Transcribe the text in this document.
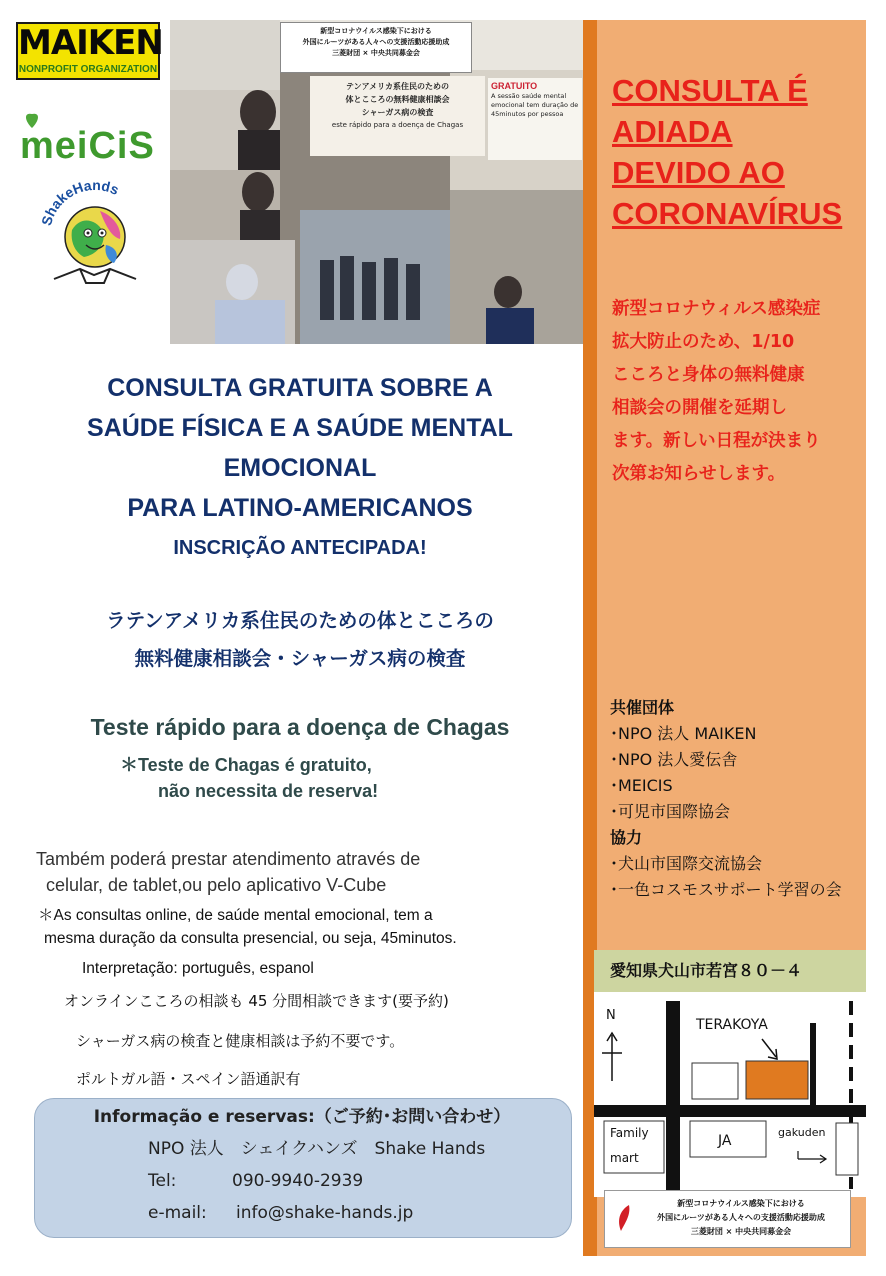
MAIKEN
NONPROFIT ORGANIZATION
meiCiS
ShakeHands
新型コロナウイルス感染下における
外国にルーツがある人々への支援活動応援助成
三菱財団 × 中央共同募金会
テンアメリカ系住民のための
体とこころの無料健康相談会
シャーガス病の検査
este rápido para a doença de Chagas
GRATUITO
A sessão saúde mental emocional tem duração de 45minutos por pessoa
CONSULTA É
ADIADA
DEVIDO AO
CORONAVÍRUS
新型コロナウィルス感染症
拡大防止のため、1/10
こころと身体の無料健康
相談会の開催を延期し
ます。新しい日程が決まり
次第お知らせします。
共催団体
･NPO 法人 MAIKEN
･NPO 法人愛伝舎
･MEICIS
･可児市国際協会
協力
･犬山市国際交流協会
･一色コスモスサポート学習の会
N
TERAKOYA
Family
mart
JA
gakuden
愛知県犬山市若宮８０－４
新型コロナウイルス感染下における
外国にルーツがある人々への支援活動応援助成
三菱財団 × 中央共同募金会
CONSULTA GRATUITA SOBRE A
SAÚDE FÍSICA E A SAÚDE MENTAL
EMOCIONAL
PARA LATINO-AMERICANOS
INSCRIÇÃO ANTECIPADA!
ラテンアメリカ系住民のための体とこころの
無料健康相談会・シャーガス病の検査
Teste rápido para a doença de Chagas
＊Teste de Chagas é gratuito,
não necessita de reserva!
Também poderá prestar atendimento através de
celular, de tablet,ou pelo aplicativo V-Cube
＊As consultas online, de saúde mental emocional, tem a
mesma duração da consulta presencial, ou seja, 45minutos.
Interpretação: português, espanol
オンラインこころの相談も 45 分間相談できます(要予約)
シャーガス病の検査と健康相談は予約不要です。
ポルトガル語・スペイン語通訳有
Informação e reservas:（ご予約･お問い合わせ）
NPO 法人　シェイクハンズ　Shake Hands
Tel:	090-9940-2939
e-mail: info@shake-hands.jp
